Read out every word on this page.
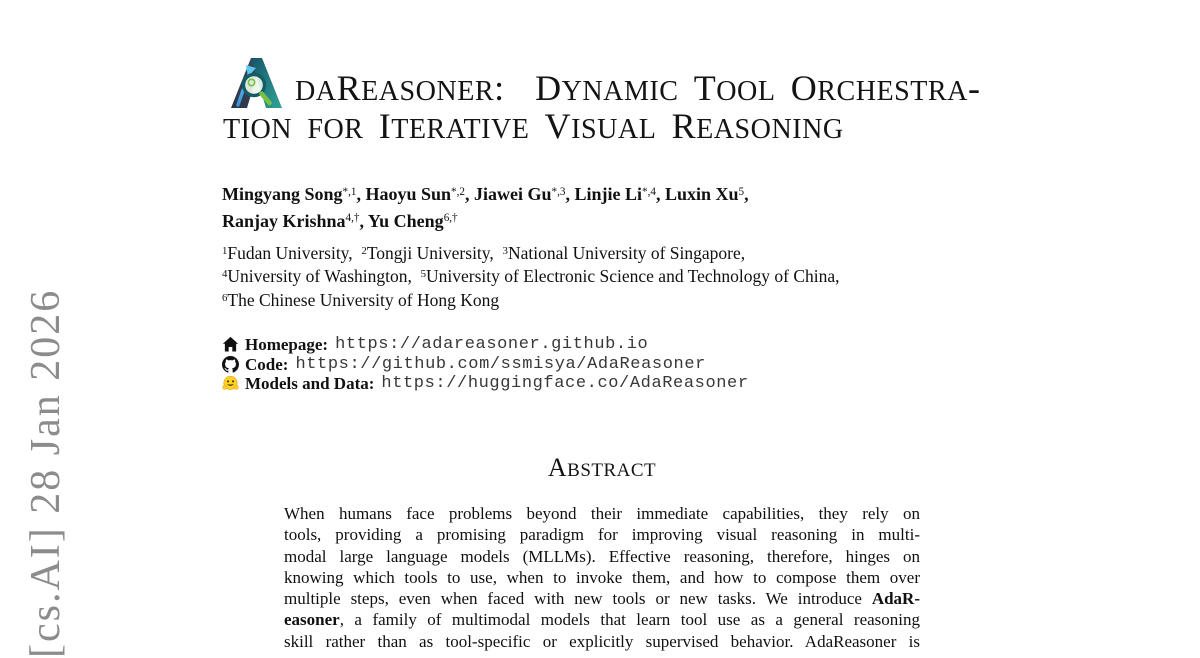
[cs.AI] 28 Jan 2026
DAREASONER: DYNAMIC TOOL ORCHESTRA-
TION FOR ITERATIVE VISUAL REASONING
Mingyang Song$^{*,1}$, Haoyu Sun$^{*,2}$, Jiawei $Gu^{*,3}$, Linjie $Li^{*,4}$, Luxin Xu$^5$,
Ranjay Krishna$^{4,\dagger}$, Yu Cheng$^{6,\dagger}$
$^1$Fudan University,  $^2$Tongji University,  $^3$National University of Singapore,
$^4$University of Washington,  $^5$University of Electronic Science and Technology of China,
$^6$The Chinese University of Hong Kong
Homepage: https://adareasoner.github.io
Code: https://github.com/ssmisya/AdaReasoner
Models and Data: https://huggingface.co/AdaReasoner
ABSTRACT
When humans face problems beyond their immediate capabilities, they rely on
tools, providing a promising paradigm for improving visual reasoning in multi-
modal large language models (MLLMs). Effective reasoning, therefore, hinges on
knowing which tools to use, when to invoke them, and how to compose them over
multiple steps, even when faced with new tools or new tasks. We introduce AdaR-
easoner, a family of multimodal models that learn tool use as a general reasoning
skill rather than as tool-specific or explicitly supervised behavior. AdaReasoner is
